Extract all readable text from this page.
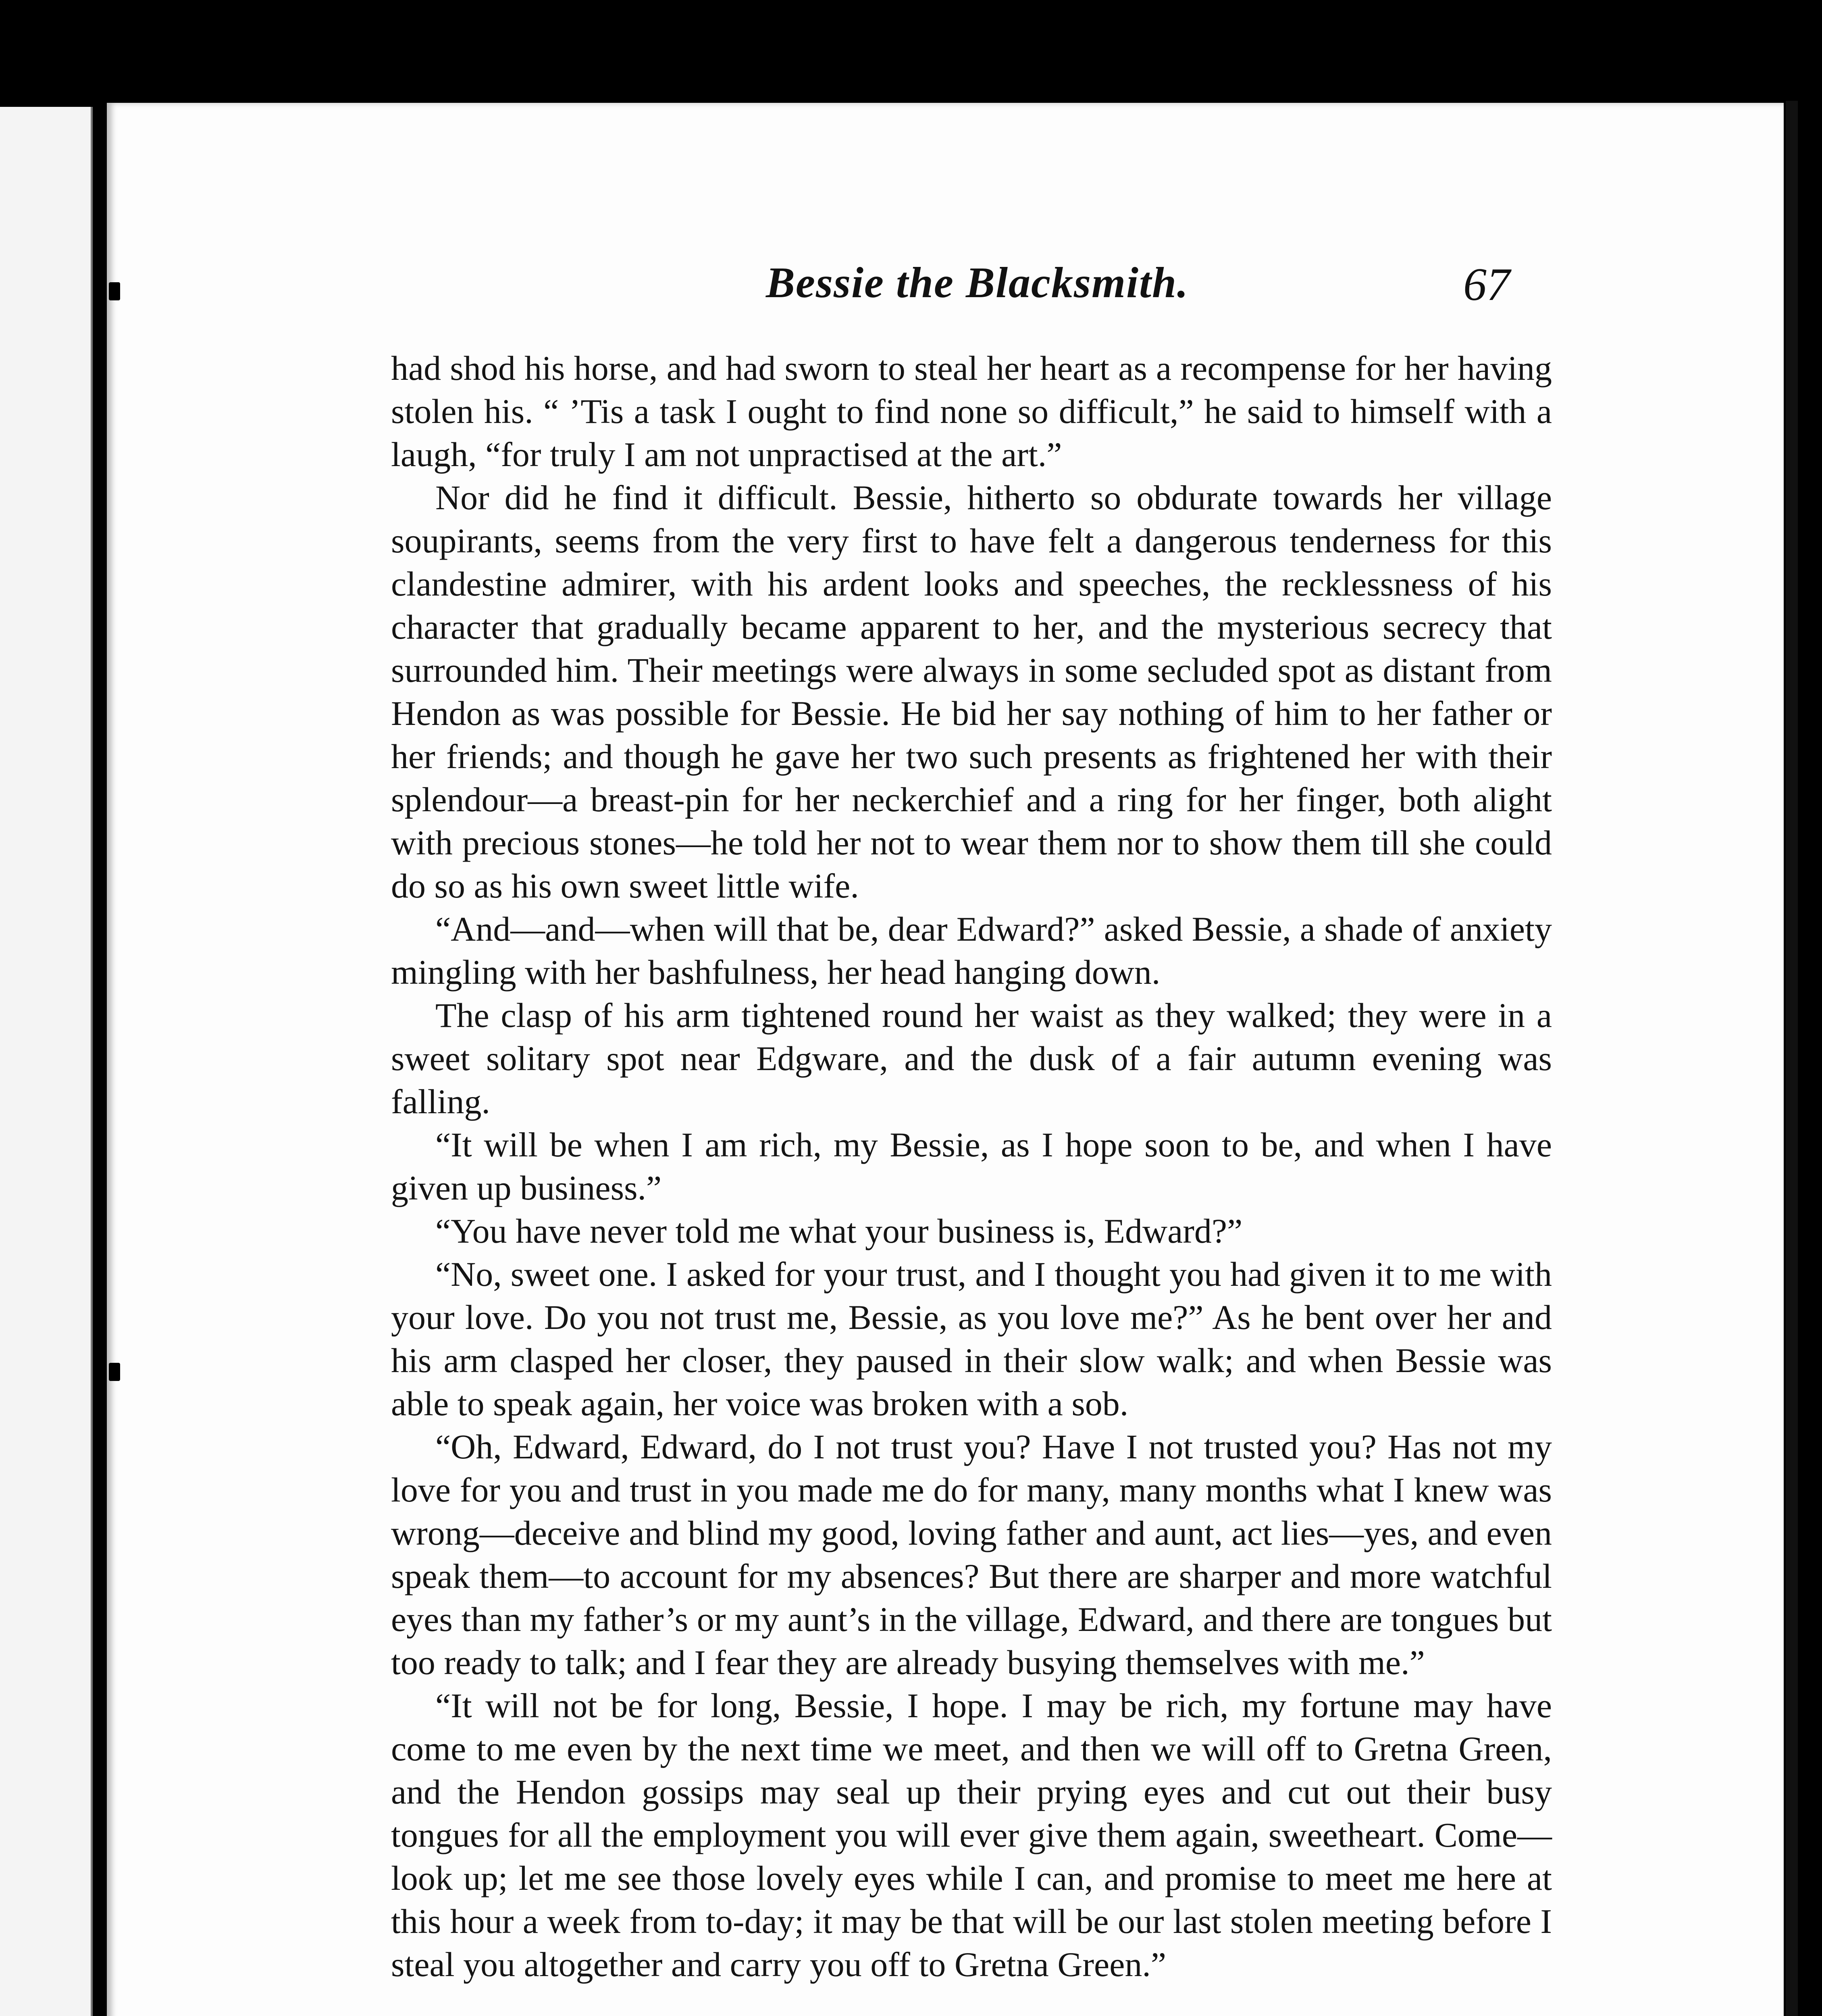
Bessie the Blacksmith.	67

had shod his horse, and had sworn to steal her heart as a recompense for her having stolen his. “ ’Tis a task I ought to find none so difficult,” he said to himself with a laugh, “for truly I am not unpractised at the art.”

Nor did he find it difficult. Bessie, hitherto so obdurate towards her village soupirants, seems from the very first to have felt a dangerous tenderness for this clandestine admirer, with his ardent looks and speeches, the recklessness of his character that gradually became apparent to her, and the mysterious secrecy that surrounded him. Their meetings were always in some secluded spot as distant from Hendon as was possible for Bessie. He bid her say nothing of him to her father or her friends; and though he gave her two such presents as frightened her with their splendour—a breast-pin for her neckerchief and a ring for her finger, both alight with precious stones—he told her not to wear them nor to show them till she could do so as his own sweet little wife.

“And—and—when will that be, dear Edward?” asked Bessie, a shade of anxiety mingling with her bashfulness, her head hanging down.

The clasp of his arm tightened round her waist as they walked; they were in a sweet solitary spot near Edgware, and the dusk of a fair autumn evening was falling.

“It will be when I am rich, my Bessie, as I hope soon to be, and when I have given up business.”

“You have never told me what your business is, Edward?”

“No, sweet one. I asked for your trust, and I thought you had given it to me with your love. Do you not trust me, Bessie, as you love me?” As he bent over her and his arm clasped her closer, they paused in their slow walk; and when Bessie was able to speak again, her voice was broken with a sob.

“Oh, Edward, Edward, do I not trust you? Have I not trusted you? Has not my love for you and trust in you made me do for many, many months what I knew was wrong—deceive and blind my good, loving father and aunt, act lies—yes, and even speak them—to account for my absences? But there are sharper and more watchful eyes than my father’s or my aunt’s in the village, Edward, and there are tongues but too ready to talk; and I fear they are already busying themselves with me.”

“It will not be for long, Bessie, I hope. I may be rich, my fortune may have come to me even by the next time we meet, and then we will off to Gretna Green, and the Hendon gossips may seal up their prying eyes and cut out their busy tongues for all the employment you will ever give them again, sweetheart. Come—look up; let me see those lovely eyes while I can, and promise to meet me here at this hour a week from to-day; it may be that will be our last stolen meeting before I steal you altogether and carry you off to Gretna Green.”
